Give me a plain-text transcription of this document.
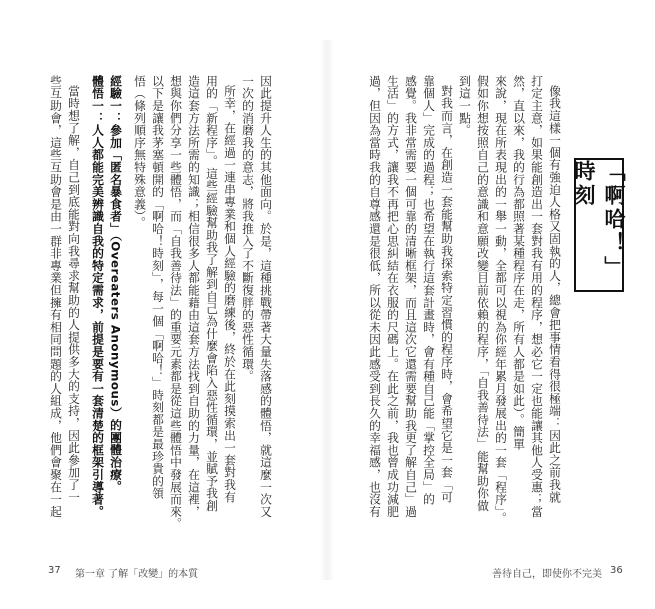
「啊哈！」時刻
像我這樣一個有強迫人格又固執的人，總會把事情看得很極端：因此之前我就
打定主意，如果能創造出一套對我有用的程序，想必它一定也能讓其他人受惠；當
然，直以來，我的行為都照著某種程序在走，所有人都是如此）。簡單
來說，現在所表現出的一舉一動，全都可以視為你經年累月發展出的一套「程序」。
假如你想按照自己的意識和意願改變目前依賴的程序，「自我善待法」能幫助你做
到這一點。
對我而言，在創造一套能幫助我探索特定習慣的程序時，會希望它是一套「可
靠個人」完成的過程；也希望在執行這套計畫時，會有種自己能「掌控全局」的
感覺。我非常需要一個可靠的清晰框架，而且這次它還需要幫助我更了解自己」過
生活」的方式，讓我不再把心思糾結在衣服的尺碼上。在此之前，我也曾成功減肥
過，但因為當時我的自尊感還是很低，所以從未因此感受到長久的幸福感，也沒有
因此提升人生的其他面向。於是，這種挑戰帶著大量失落感的體悟，就這麼一次又
一次的消磨我的意志，將我推入了不斷復胖的惡性循環。
所幸，在經過一連串專業和個人經驗的磨練後，終於在此刻摸索出一套對我有
用的「新程序」。這些經驗幫助我了解到自己為什麼會陷入惡性循環，並賦予我創
造這套方法所需的知識；相信很多人都能藉由這套方法找到自助的力量，在這裡，
想與你們分享一些體悟，而「自我善待法」的重要元素都是從這些體悟中發展而來。
以下是讓我茅塞頓開的「啊哈！時刻」，每一個「啊哈！」時刻都是最珍貴的領
悟（條列順序無特殊意義）。
經驗一：參加「匿名暴食者」（Overeaters Anonymous）的團體治療。
體悟一：人人都能完美辨識自我的特定需求，前提是要有一套清楚的框架引導著。
當時想了解，自己到底能對向我尋求幫助的人提供多大的支持，因此參加了一
些互助會，這些互助會是由一群非專業但擁有相同問題的人組成，他們會聚在一起
37 第一章 了解「改變」的本質	善待自己，即使你不完美 36
